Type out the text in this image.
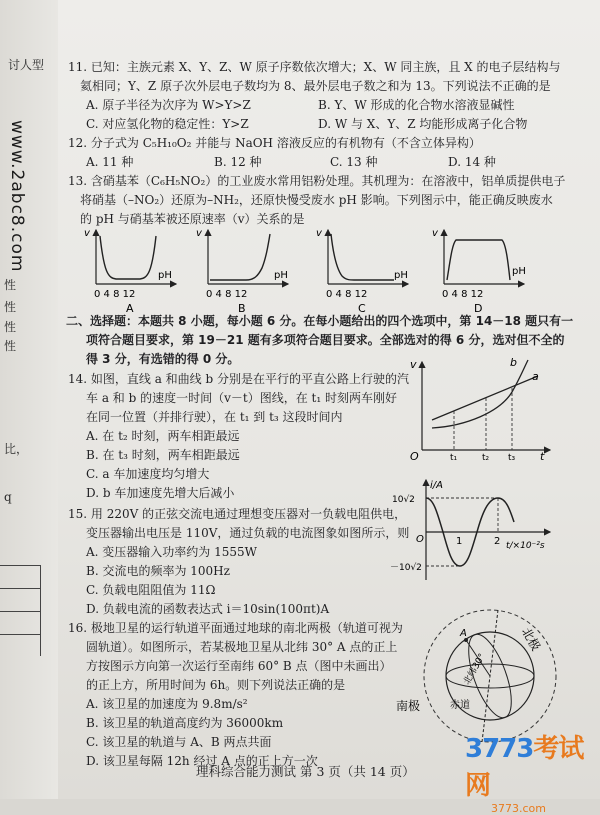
讨人型
www.2abc8.com
性
性
性
性
比，
q
11. 已知：主族元素 X、Y、Z、W 原子序数依次增大；X、W 同主族，且 X 的电子层结构与
氦相同；Y、Z 原子次外层电子数均为 8、最外层电子数之和为 13。下列说法不正确的是
A. 原子半径为次序为 W>Y>Z	B. Y、W 形成的化合物水溶液显碱性
C. 对应氢化物的稳定性：Y>Z	D. W 与 X、Y、Z 均能形成离子化合物
12. 分子式为 C₅H₁₀O₂ 并能与 NaOH 溶液反应的有机物有（不含立体异构）
A. 11 种	B. 12 种	C. 13 种	D. 14 种
13. 含硝基苯（C₆H₅NO₂）的工业废水常用铝粉处理。其机理为：在溶液中，铝单质提供电子
将硝基（–NO₂）还原为–NH₂，还原快慢受废水 pH 影响。下列图示中，能正确反映废水
的 pH 与硝基苯被还原速率（v）关系的是
v
pH
0 4 8 12
A
v
pH
0 4 8 12
B
v
pH
0 4 8 12
C
v
pH
0 4 8 12
D
二、选择题：本题共 8 小题，每小题 6 分。在每小题给出的四个选项中，第 14－18 题只有一
项符合题目要求，第 19－21 题有多项符合题目要求。全部选对的得 6 分，选对但不全的
得 3 分，有选错的得 0 分。
14. 如图，直线 a 和曲线 b 分别是在平行的平直公路上行驶的汽
车 a 和 b 的速度一时间（v－t）图线，在 t₁ 时刻两车刚好
在同一位置（并排行驶），在 t₁ 到 t₃ 这段时间内
A. 在 t₂ 时刻，两车相距最远
B. 在 t₃ 时刻，两车相距最远
C. a 车加速度均匀增大
D. b 车加速度先增大后减小
v
t
O
a
b
t₁	t₂ t₃
15. 用 220V 的正弦交流电通过理想变压器对一负载电阻供电，
变压器输出电压是 110V，通过负载的电流图象如图所示，则
A. 变压器输入功率约为 1555W
B. 交流电的频率为 100Hz
C. 负载电阻阻值为 11Ω
D. 负载电流的函数表达式 i＝10sin(100πt)A
i/A
10√2
－10√2
O	1	2 t/×10⁻²s
16. 极地卫星的运行轨道平面通过地球的南北两极（轨道可视为
圆轨道）。如图所示，若某极地卫星从北纬 30° A 点的正上
方按图示方向第一次运行至南纬 60° B 点（图中未画出）
的正上方，所用时间为 6h。则下列说法正确的是
A. 该卫星的加速度为 9.8m/s²
B. 该卫星的轨道高度约为 36000km
C. 该卫星的轨道与 A、B 两点共面
D. 该卫星每隔 12h 经过 A 点的正上方一次
A	北极
北纬30°
南极	赤道
理科综合能力测试 第 3 页（共 14 页）
3773考试网
3773.com
